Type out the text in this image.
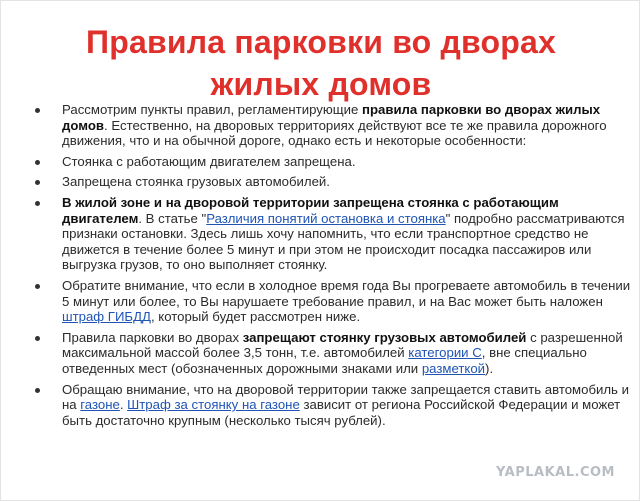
Правила парковки во дворах
жилых домов
Рассмотрим пункты правил, регламентирующие правила парковки во дворах жилых домов. Естественно, на дворовых территориях действуют все те же правила дорожного движения, что и на обычной дороге, однако есть и некоторые особенности:
Стоянка с работающим двигателем запрещена.
Запрещена стоянка грузовых автомобилей.
В жилой зоне и на дворовой территории запрещена стоянка с работающим двигателем. В статье "Различия понятий остановка и стоянка" подробно рассматриваются признаки остановки. Здесь лишь хочу напомнить, что если транспортное средство не движется в течение более 5 минут и при этом не происходит посадка пассажиров или выгрузка грузов, то оно выполняет стоянку.
Обратите внимание, что если в холодное время года Вы прогреваете автомобиль в течении 5 минут или более, то Вы нарушаете требование правил, и на Вас может быть наложен штраф ГИБДД, который будет рассмотрен ниже.
Правила парковки во дворах запрещают стоянку грузовых автомобилей с разрешенной максимальной массой более 3,5 тонн, т.е. автомобилей категории С, вне специально отведенных мест (обозначенных дорожными знаками или разметкой).
Обращаю внимание, что на дворовой территории также запрещается ставить автомобиль и на газоне. Штраф за стоянку на газоне зависит от региона Российской Федерации и может быть достаточно крупным (несколько тысяч рублей).
YAPLAKAL.COM
